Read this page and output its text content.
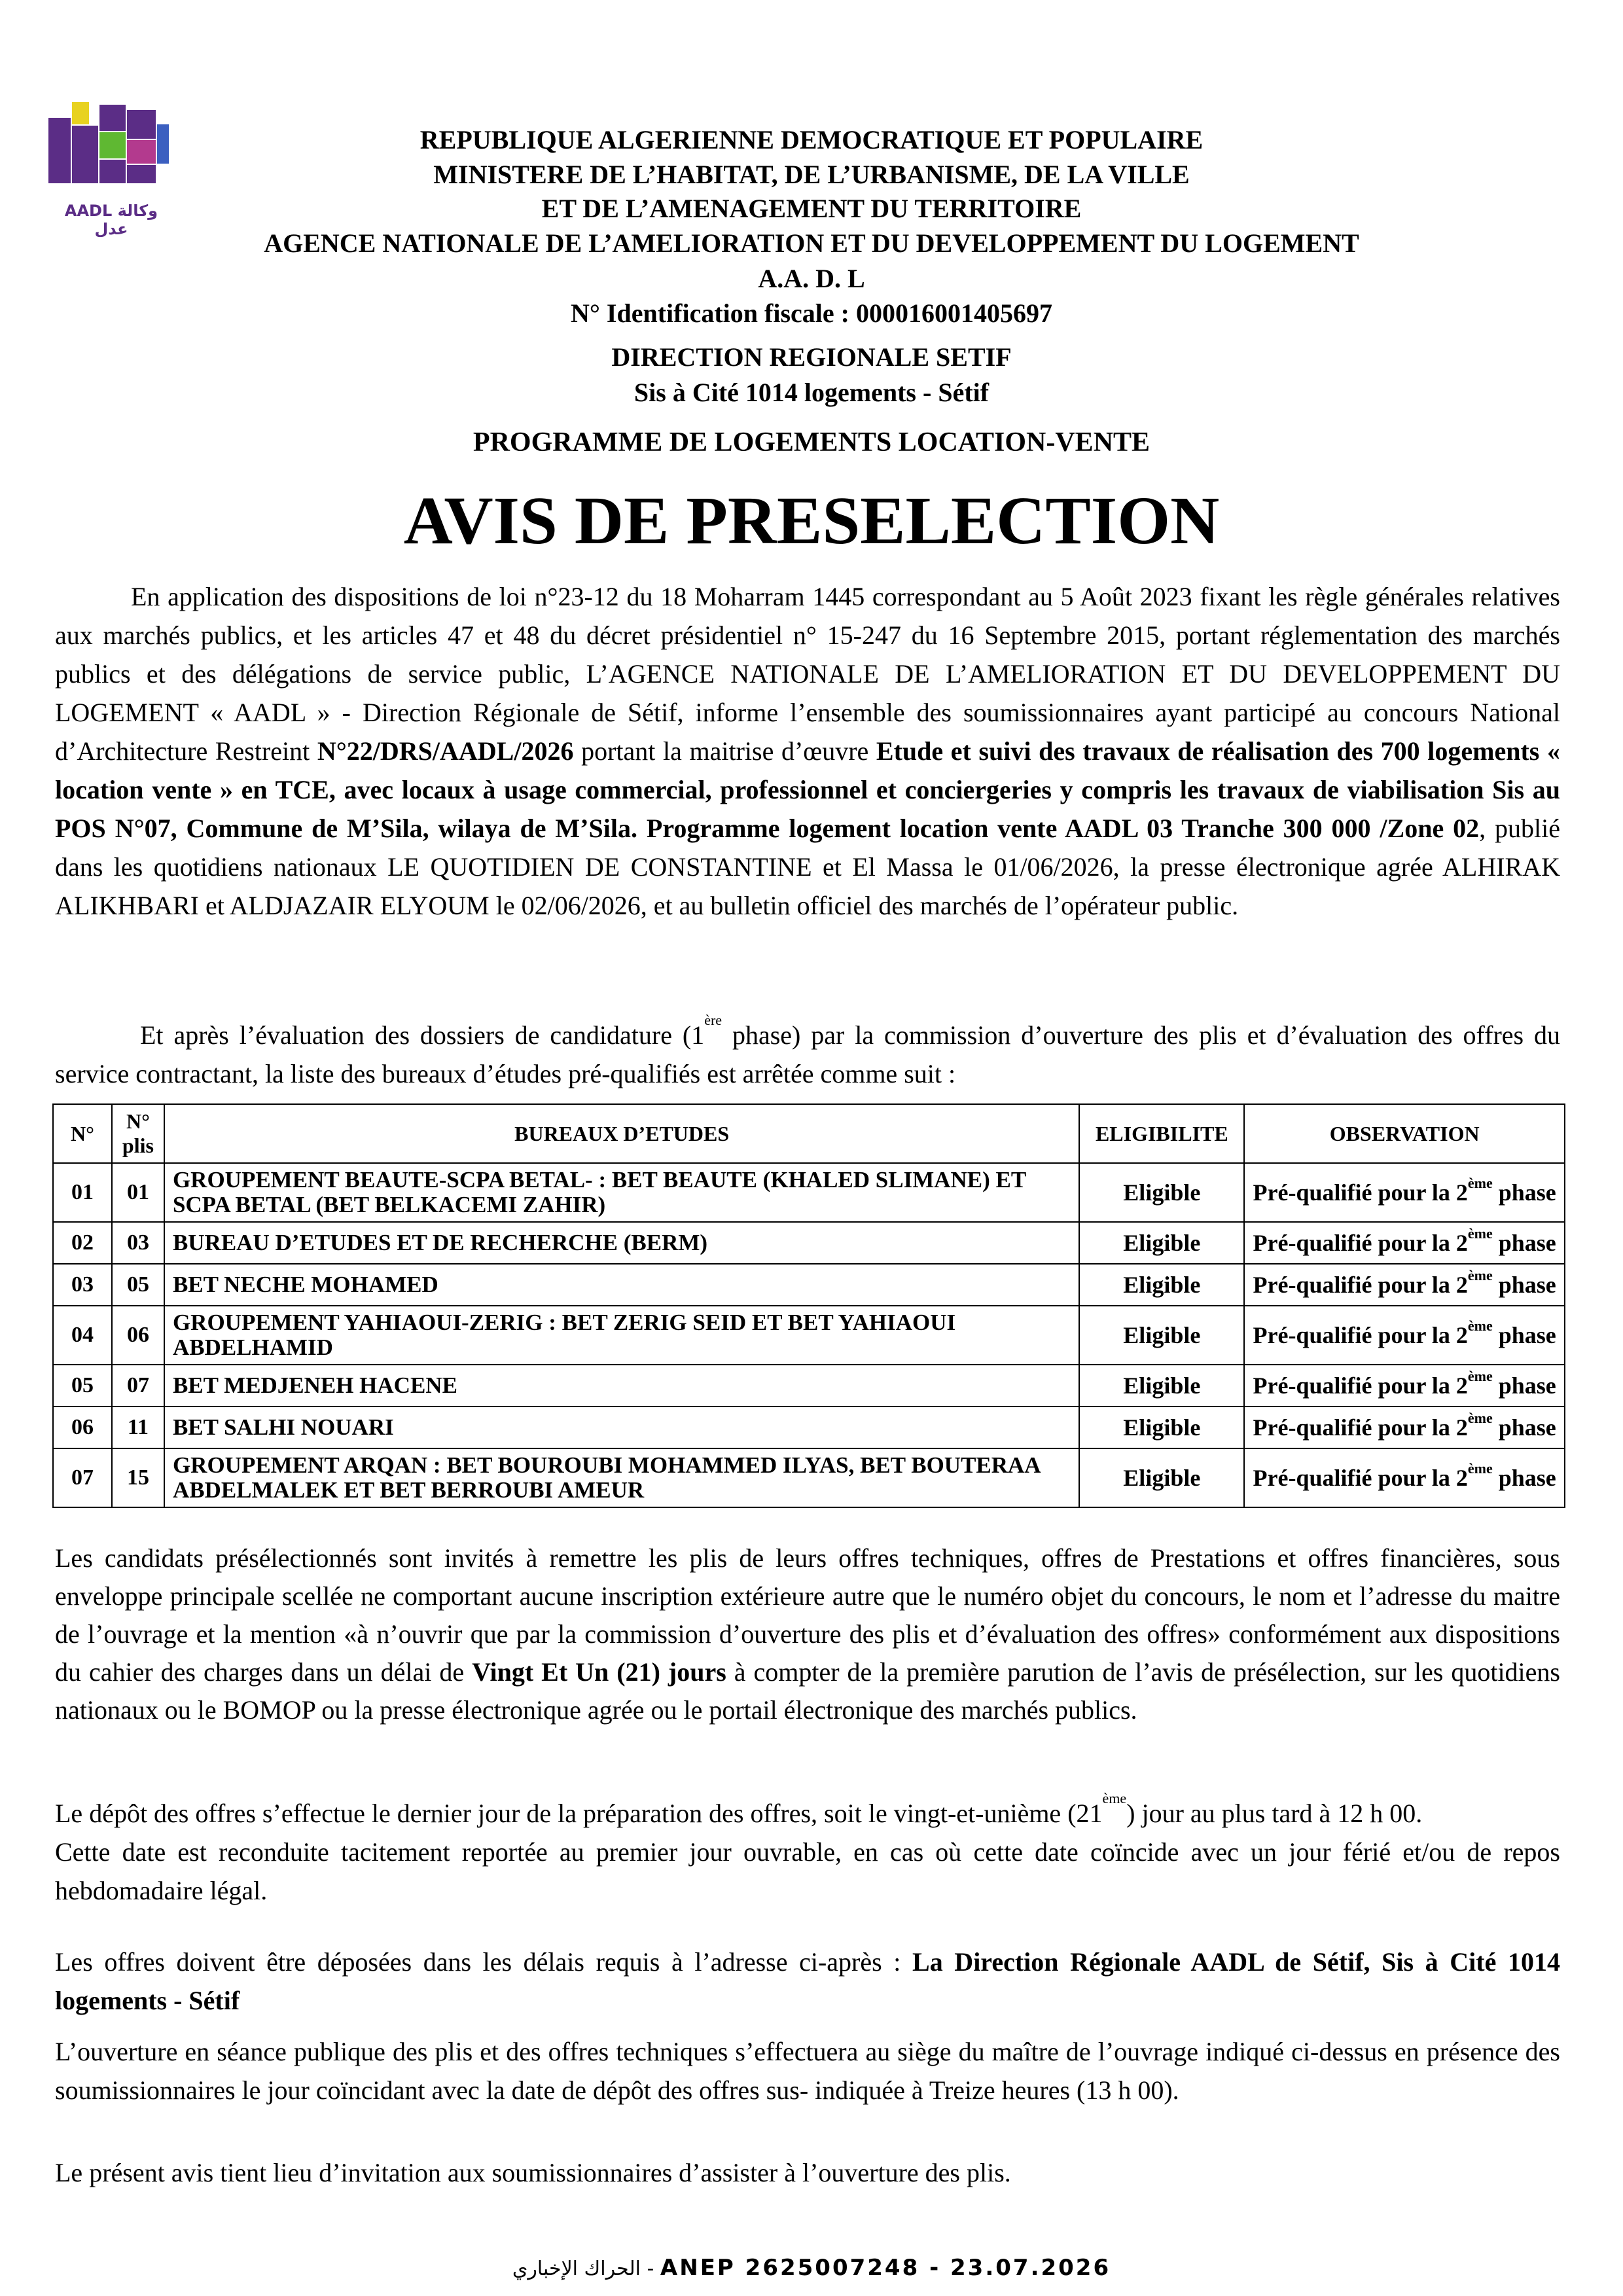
AADL وكالة عدل
REPUBLIQUE ALGERIENNE DEMOCRATIQUE ET POPULAIRE
MINISTERE DE L’HABITAT, DE L’URBANISME, DE LA VILLE
ET DE L’AMENAGEMENT DU TERRITOIRE
AGENCE NATIONALE DE L’AMELIORATION ET DU DEVELOPPEMENT DU LOGEMENT
A.A. D. L
N° Identification fiscale : 000016001405697
DIRECTION REGIONALE SETIF
Sis à Cité 1014 logements - Sétif
PROGRAMME DE LOGEMENTS LOCATION-VENTE
AVIS DE PRESELECTION
En application des dispositions de loi n°23-12 du 18 Moharram 1445 correspondant au 5 Août 2023 fixant les règle générales relatives aux marchés publics, et les articles 47 et 48 du décret présidentiel n° 15-247 du 16 Septembre 2015, portant réglementation des marchés publics et des délégations de service public, L’AGENCE NATIONALE DE L’AMELIORATION ET DU DEVELOPPEMENT DU LOGEMENT « AADL » - Direction Régionale de Sétif, informe l’ensemble des soumissionnaires ayant participé au concours National d’Architecture Restreint N°22/DRS/AADL/2026 portant la maitrise d’œuvre Etude et suivi des travaux de réalisation des 700 logements « location vente » en TCE, avec locaux à usage commercial, professionnel et conciergeries y compris les travaux de viabilisation Sis au POS N°07, Commune de M’Sila, wilaya de M’Sila. Programme logement location vente AADL 03 Tranche 300 000 /Zone 02, publié dans les quotidiens nationaux LE QUOTIDIEN DE CONSTANTINE et El Massa le 01/06/2026, la presse électronique agrée ALHIRAK ALIKHBARI et ALDJAZAIR ELYOUM le 02/06/2026, et au bulletin officiel des marchés de l’opérateur public.
Et après l’évaluation des dossiers de candidature (1ère phase) par la commission d’ouverture des plis et d’évaluation des offres du service contractant, la liste des bureaux d’études pré-qualifiés est arrêtée comme suit :
N°	N° plis	BUREAUX D’ETUDES	ELIGIBILITE	OBSERVATION
01	01	GROUPEMENT BEAUTE-SCPA BETAL- : BET BEAUTE (KHALED SLIMANE) ET SCPA BETAL (BET BELKACEMI ZAHIR)	Eligible	Pré-qualifié pour la 2ème phase
02	03	BUREAU D’ETUDES ET DE RECHERCHE (BERM)	Eligible	Pré-qualifié pour la 2ème phase
03	05	BET NECHE MOHAMED	Eligible	Pré-qualifié pour la 2ème phase
04	06	GROUPEMENT YAHIAOUI-ZERIG : BET ZERIG SEID ET BET YAHIAOUI ABDELHAMID	Eligible	Pré-qualifié pour la 2ème phase
05	07	BET MEDJENEH HACENE	Eligible	Pré-qualifié pour la 2ème phase
06	11	BET SALHI NOUARI	Eligible	Pré-qualifié pour la 2ème phase
07	15	GROUPEMENT ARQAN : BET BOUROUBI MOHAMMED ILYAS, BET BOUTERAA ABDELMALEK ET BET BERROUBI AMEUR	Eligible	Pré-qualifié pour la 2ème phase
Les candidats présélectionnés sont invités à remettre les plis de leurs offres techniques, offres de Prestations et offres financières, sous enveloppe principale scellée ne comportant aucune inscription extérieure autre que le numéro objet du concours, le nom et l’adresse du maitre de l’ouvrage et la mention «à n’ouvrir que par la commission d’ouverture des plis et d’évaluation des offres» conformément aux dispositions du cahier des charges dans un délai de Vingt Et Un (21) jours à compter de la première parution de l’avis de présélection, sur les quotidiens nationaux ou le BOMOP ou la presse électronique agrée ou le portail électronique des marchés publics.
Le dépôt des offres s’effectue le dernier jour de la préparation des offres, soit le vingt-et-unième (21ème) jour au plus tard à 12 h 00.
Cette date est reconduite tacitement reportée au premier jour ouvrable, en cas où cette date coïncide avec un jour férié et/ou de repos hebdomadaire légal.
Les offres doivent être déposées dans les délais requis à l’adresse ci-après : La Direction Régionale AADL de Sétif, Sis à Cité 1014 logements - Sétif
L’ouverture en séance publique des plis et des offres techniques s’effectuera au siège du maître de l’ouvrage indiqué ci-dessus en présence des soumissionnaires le jour coïncidant avec la date de dépôt des offres sus- indiquée à Treize heures (13 h 00).
Le présent avis tient lieu d’invitation aux soumissionnaires d’assister à l’ouverture des plis.
الحراك الإخباري - ANEP 2625007248 - 23.07.2026
